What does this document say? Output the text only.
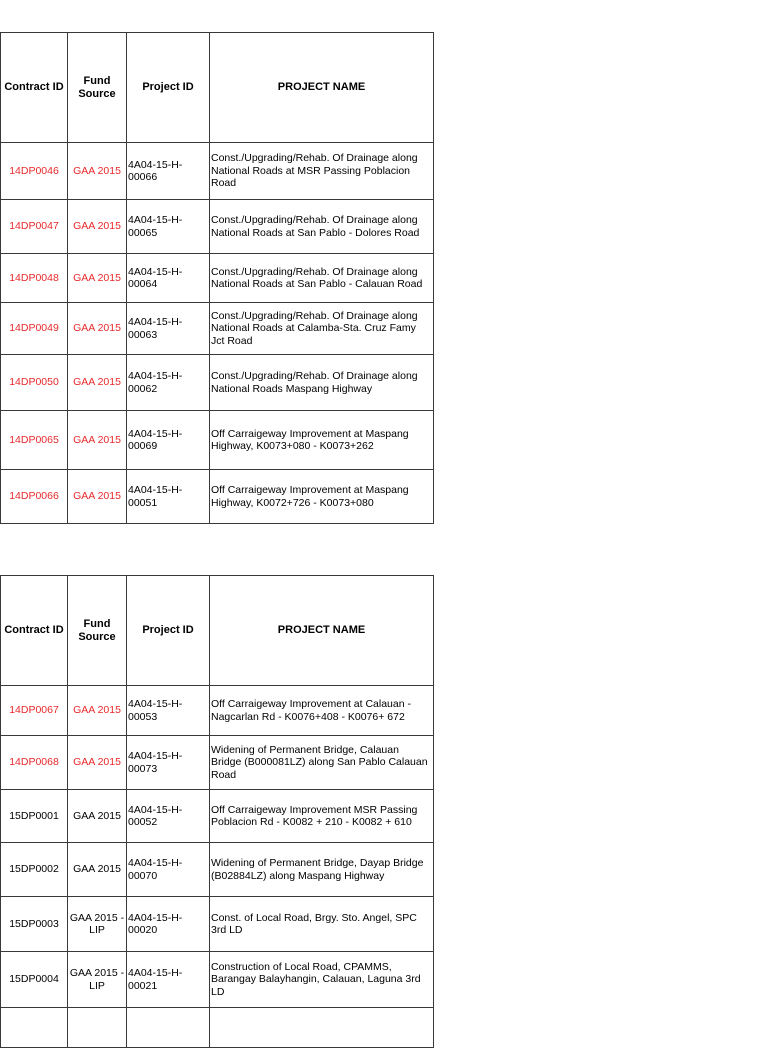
Contract ID	Fund Source	Project ID	PROJECT NAME
14DP0046	GAA 2015	4A04-15-H-00066	Const./Upgrading/Rehab. Of Drainage along National Roads at MSR Passing Poblacion Road
14DP0047	GAA 2015	4A04-15-H-00065	Const./Upgrading/Rehab. Of Drainage along National Roads at San Pablo - Dolores Road
14DP0048	GAA 2015	4A04-15-H-00064	Const./Upgrading/Rehab. Of Drainage along National Roads at San Pablo - Calauan Road
14DP0049	GAA 2015	4A04-15-H-00063	Const./Upgrading/Rehab. Of Drainage along National Roads at Calamba-Sta. Cruz Famy Jct Road
14DP0050	GAA 2015	4A04-15-H-00062	Const./Upgrading/Rehab. Of Drainage along National Roads Maspang Highway
14DP0065	GAA 2015	4A04-15-H-00069	Off Carraigeway Improvement at Maspang Highway, K0073+080 - K0073+262
14DP0066	GAA 2015	4A04-15-H-00051	Off Carraigeway Improvement at Maspang Highway, K0072+726 - K0073+080
Contract ID	Fund Source	Project ID	PROJECT NAME
14DP0067	GAA 2015	4A04-15-H-00053	Off Carraigeway Improvement at Calauan - Nagcarlan Rd - K0076+408 - K0076+ 672
14DP0068	GAA 2015	4A04-15-H-00073	Widening of Permanent Bridge, Calauan Bridge (B000081LZ) along San Pablo Calauan Road
15DP0001	GAA 2015	4A04-15-H-00052	Off Carraigeway Improvement MSR Passing Poblacion Rd - K0082 + 210 - K0082 + 610
15DP0002	GAA 2015	4A04-15-H-00070	Widening of Permanent Bridge, Dayap Bridge (B02884LZ) along Maspang Highway
15DP0003	GAA 2015 - LIP	4A04-15-H-00020	Const. of Local Road, Brgy. Sto. Angel, SPC 3rd LD
15DP0004	GAA 2015 - LIP	4A04-15-H-00021	Construction of Local Road, CPAMMS, Barangay Balayhangin, Calauan, Laguna 3rd LD
